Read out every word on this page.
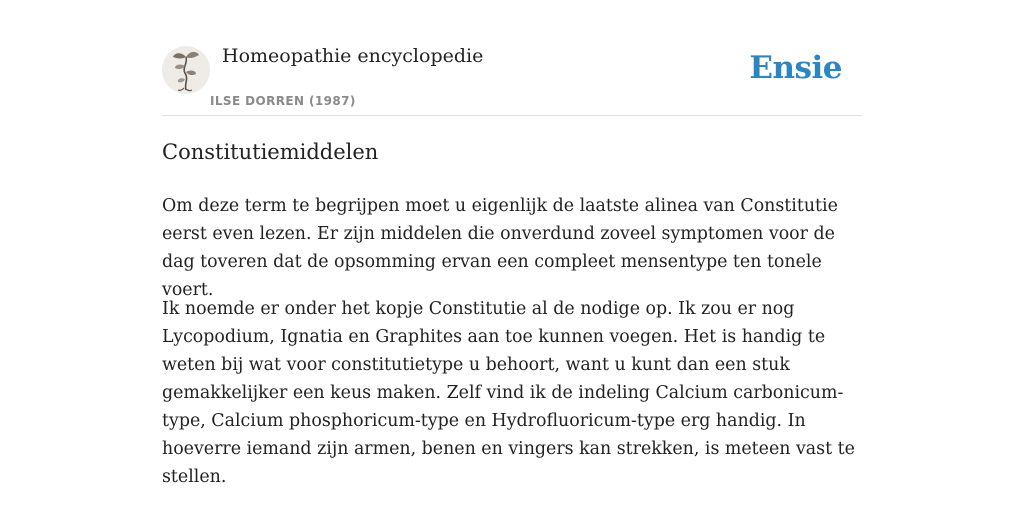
Homeopathie encyclopedie
ILSE DORREN (1987)
Ensie
Constitutiemiddelen

Om deze term te begrijpen moet u eigenlijk de laatste alinea van Constitutie eerst even lezen. Er zijn middelen die onverdund zoveel symptomen voor de dag toveren dat de opsomming ervan een compleet mensentype ten tonele voert.

Ik noemde er onder het kopje Constitutie al de nodige op. Ik zou er nog Lycopodium, Ignatia en Graphites aan toe kunnen voegen. Het is handig te weten bij wat voor constitutietype u behoort, want u kunt dan een stuk gemakkelijker een keus maken. Zelf vind ik de indeling Calcium carbonicum-type, Calcium phosphoricum-type en Hydrofluoricum-type erg handig. In hoeverre iemand zijn armen, benen en vingers kan strekken, is meteen vast te stellen.
